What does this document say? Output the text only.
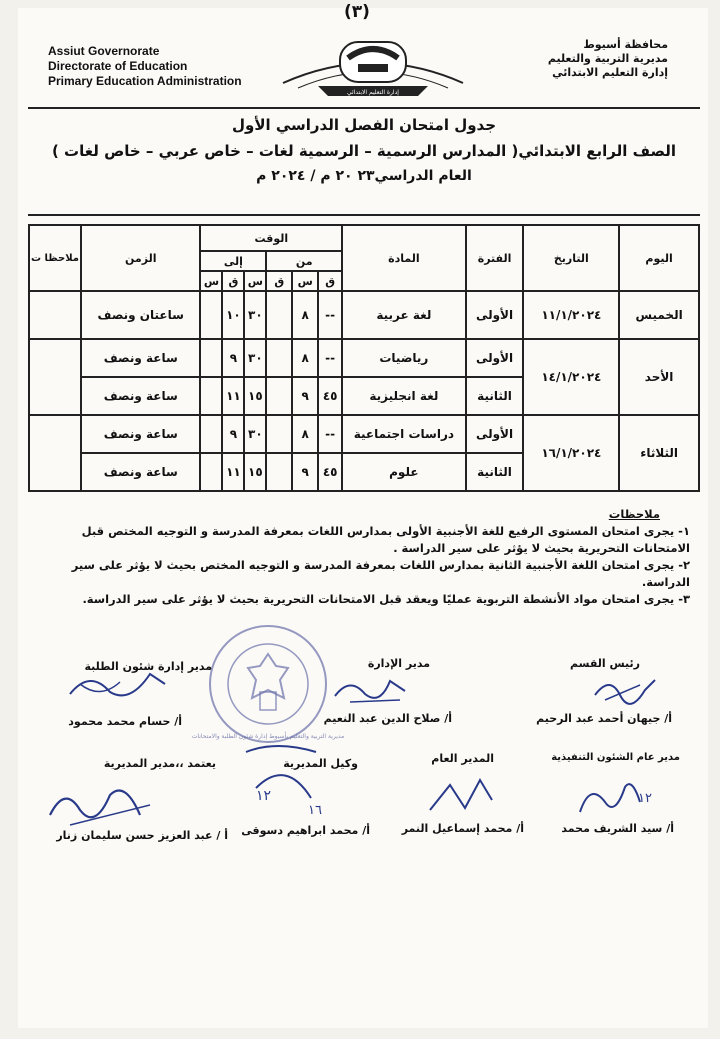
(٣)
Assiut Governorate
Directorate of Education
Primary Education Administration
محافظة أسيوط
مديرية التربية والتعليم
إدارة التعليم الابتدائي
إدارة التعليم الابتدائي
جدول امتحان الفصل الدراسي الأول
الصف الرابع الابتدائي( المدارس الرسمية – الرسمية لغات – خاص عربي – خاص لغات )
العام الدراسي٢٣ ٢٠ م / ٢٠٢٤ م
اليوم	التاريخ	الفترة	المادة	الوقت						الزمن	ملاحظا ت
				من			إلى				
				ق	س	ق	س	ق	س		
الخميس	١١/١/٢٠٢٤	الأولى	لغة عربية	--	٨		٣٠	١٠		ساعتان ونصف	
الأحد	١٤/١/٢٠٢٤	الأولى	رياضيات	--	٨		٣٠	٩		ساعة ونصف	
		الثانية	لغة انجليزية	٤٥	٩		١٥	١١		ساعة ونصف	
الثلاثاء	١٦/١/٢٠٢٤	الأولى	دراسات اجتماعية	--	٨		٣٠	٩		ساعة ونصف	
		الثانية	علوم	٤٥	٩		١٥	١١		ساعة ونصف	
ملاحظات
١- يجرى امتحان المستوى الرفيع للغة الأجنبية الأولى بمدارس اللغات بمعرفة المدرسة و التوجيه المختص قبل الامتحانات التحريرية بحيث لا يؤثر على سير الدراسة .
٢- يجرى امتحان اللغة الأجنبية الثانية بمدارس اللغات بمعرفة المدرسة و التوجيه المختص بحيث لا يؤثر على سير الدراسة.
٣- يجرى امتحان مواد الأنشطة التربوية عمليًا ويعقد قبل الامتحانات التحريرية بحيث لا يؤثر على سير الدراسة.
مديرية التربية والتعليم بأسيوط إدارة شئون الطلبة والامتحانات
رئيس القسم
أ/ جيهان أحمد عبد الرحيم
مدير الإدارة
أ/ صلاح الدين عبد النعيم
مدير إدارة شئون الطلبة
أ/ حسام محمد محمود
مدير عام الشئون التنفيذية
أ/ سيد الشريف محمد
المدير العام
أ/ محمد إسماعيل النمر
وكيل المديرية
أ/ محمد ابراهيم دسوقى
يعتمد ،،مدير المديرية
أ / عبد العزيز حسن سليمان زنار
١٢
١٢
١٦
